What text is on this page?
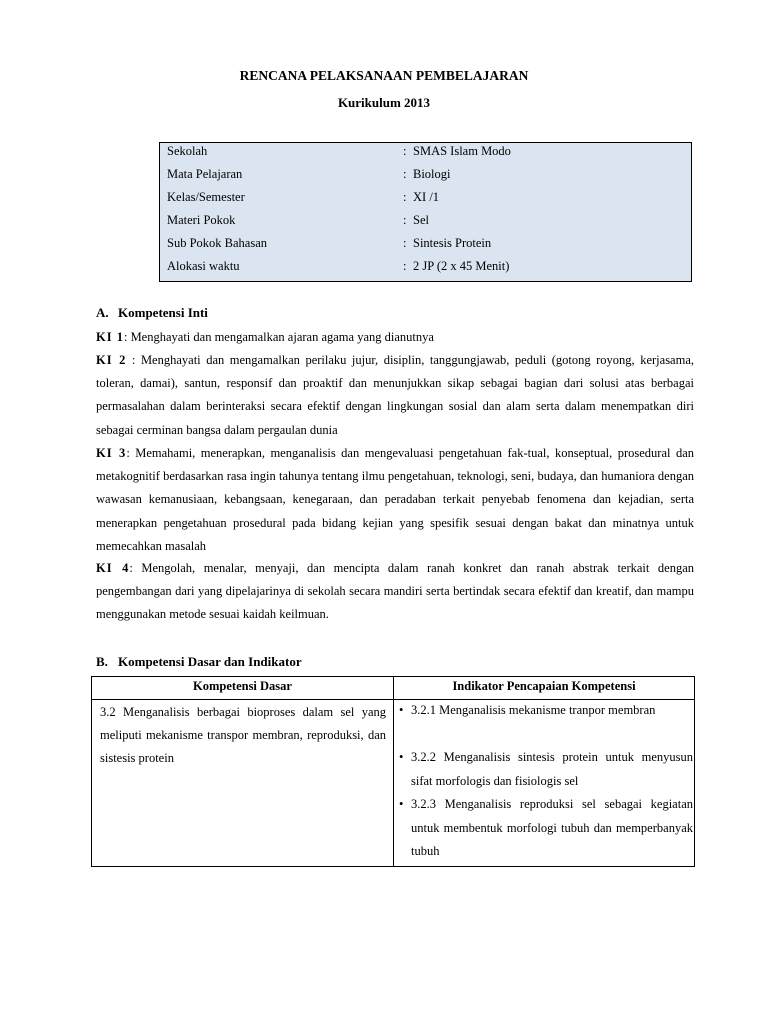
RENCANA PELAKSANAAN PEMBELAJARAN
Kurikulum 2013
Sekolah	: SMAS Islam Modo
Mata Pelajaran	: Biologi
Kelas/Semester	: XI /1
Materi Pokok	: Sel
Sub Pokok Bahasan	: Sintesis Protein
Alokasi waktu	: 2 JP (2 x 45 Menit)
A. Kompetensi Inti
KI 1: Menghayati dan mengamalkan ajaran agama yang dianutnya
KI 2 : Menghayati dan mengamalkan perilaku jujur, disiplin, tanggungjawab, peduli (gotong royong, kerjasama, toleran, damai), santun, responsif dan proaktif dan menunjukkan sikap sebagai bagian dari solusi atas berbagai permasalahan dalam berinteraksi secara efektif dengan lingkungan sosial dan alam serta dalam menempatkan diri sebagai cerminan bangsa dalam pergaulan dunia
KI 3: Memahami, menerapkan, menganalisis dan mengevaluasi pengetahuan fak-tual, konseptual, prosedural dan metakognitif berdasarkan rasa ingin tahunya tentang ilmu pengetahuan, teknologi, seni, budaya, dan humaniora dengan wawasan kemanusiaan, kebangsaan, kenegaraan, dan peradaban terkait penyebab fenomena dan kejadian, serta menerapkan pengetahuan prosedural pada bidang kejian yang spesifik sesuai dengan bakat dan minatnya untuk memecahkan masalah
KI 4: Mengolah, menalar, menyaji, dan mencipta dalam ranah konkret dan ranah abstrak terkait dengan pengembangan dari yang dipelajarinya di sekolah secara mandiri serta bertindak secara efektif dan kreatif, dan mampu menggunakan metode sesuai kaidah keilmuan.
B. Kompetensi Dasar dan Indikator
Kompetensi Dasar	Indikator Pencapaian Kompetensi
3.2 Menganalisis berbagai bioproses dalam sel yang meliputi mekanisme transpor membran, reproduksi, dan sistesis protein
• 3.2.1 Menganalisis mekanisme tranpor membran
• 3.2.2 Menganalisis sintesis protein untuk menyusun sifat morfologis dan fisiologis sel
• 3.2.3 Menganalisis reproduksi sel sebagai kegiatan untuk membentuk morfologi tubuh dan memperbanyak tubuh
